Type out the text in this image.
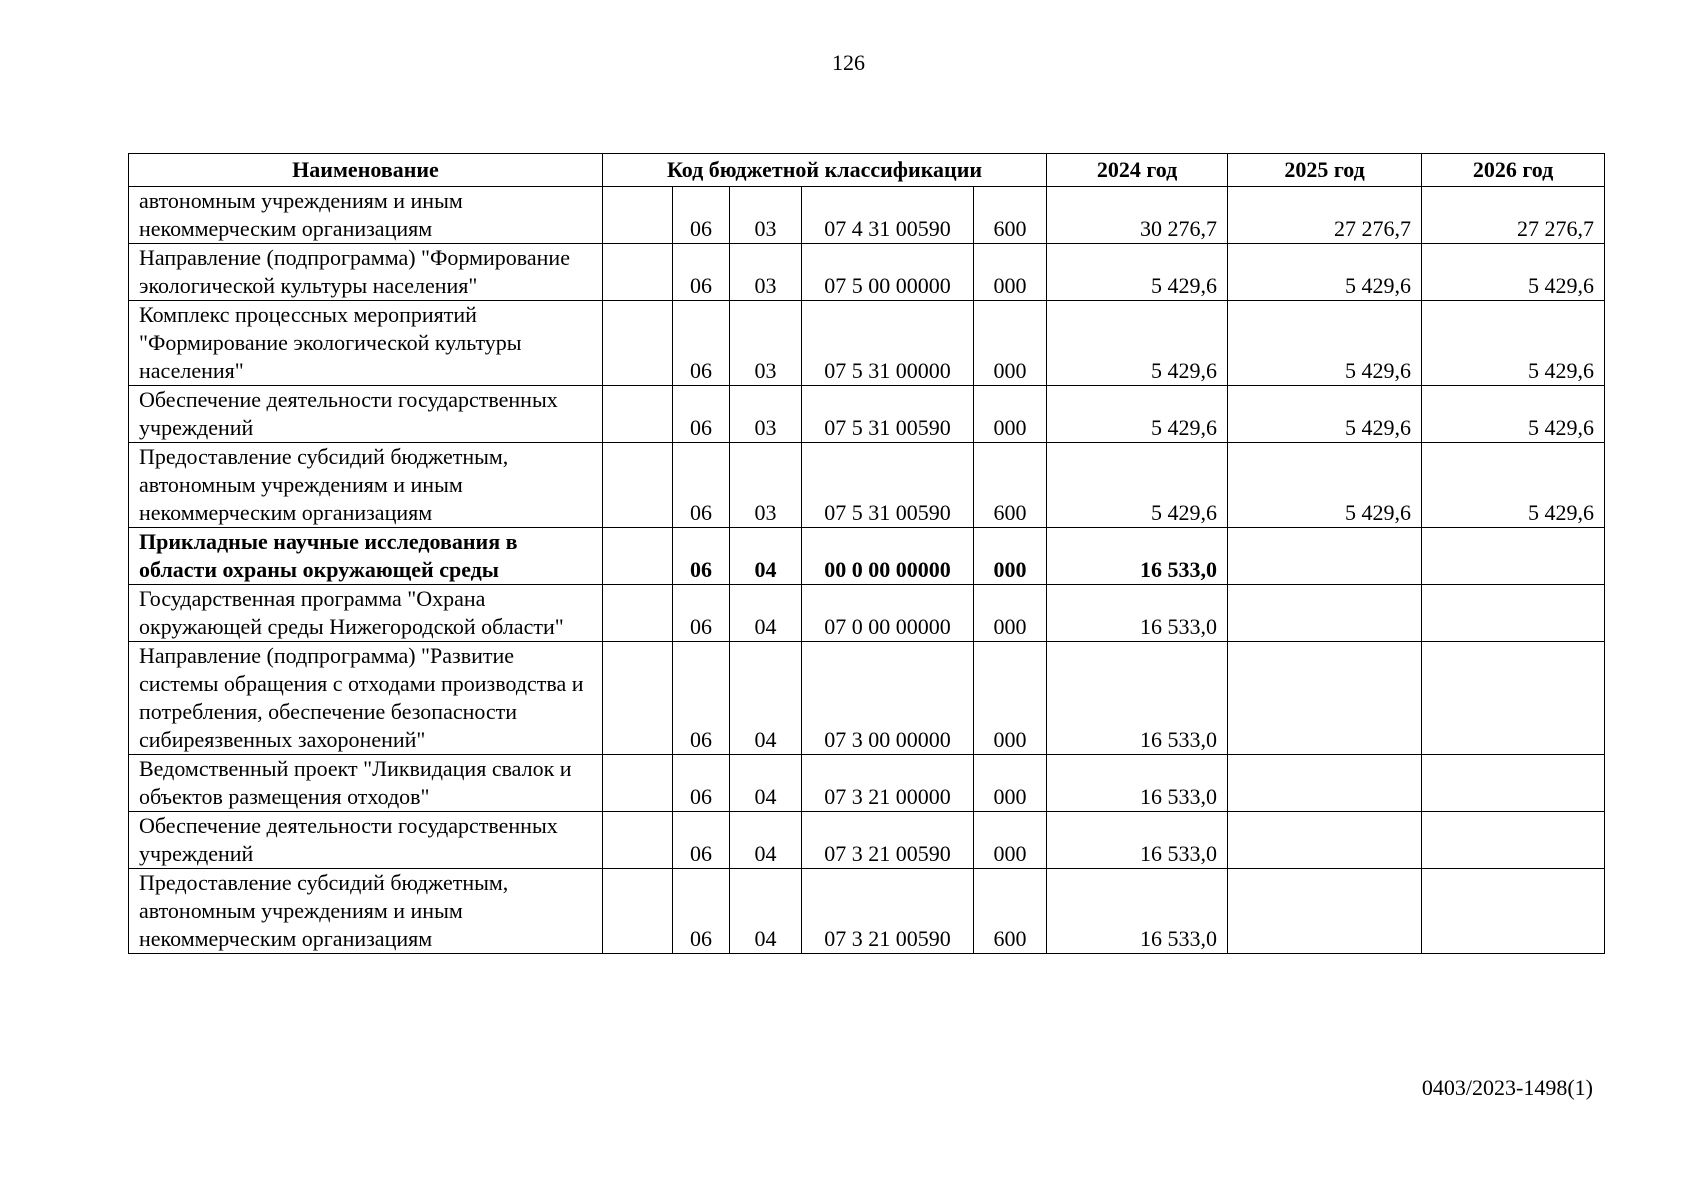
126
Наименование	Код бюджетной классификации					2024 год	2025 год	2026 год
автономным учреждениям и иным некоммерческим организациям		06	03	07 4 31 00590	600	30 276,7	27 276,7	27 276,7
Направление (подпрограмма) "Формирование экологической культуры населения"		06	03	07 5 00 00000	000	5 429,6	5 429,6	5 429,6
Комплекс процессных мероприятий "Формирование экологической культуры населения"		06	03	07 5 31 00000	000	5 429,6	5 429,6	5 429,6
Обеспечение деятельности государственных учреждений		06	03	07 5 31 00590	000	5 429,6	5 429,6	5 429,6
Предоставление субсидий бюджетным, автономным учреждениям и иным некоммерческим организациям		06	03	07 5 31 00590	600	5 429,6	5 429,6	5 429,6
Прикладные научные исследования в области охраны окружающей среды		06	04	00 0 00 00000	000	16 533,0		
Государственная программа "Охрана окружающей среды Нижегородской области"		06	04	07 0 00 00000	000	16 533,0		
Направление (подпрограмма) "Развитие системы обращения с отходами производства и потребления, обеспечение безопасности сибиреязвенных захоронений"		06	04	07 3 00 00000	000	16 533,0		
Ведомственный проект "Ликвидация свалок и объектов размещения отходов"		06	04	07 3 21 00000	000	16 533,0		
Обеспечение деятельности государственных учреждений		06	04	07 3 21 00590	000	16 533,0		
Предоставление субсидий бюджетным, автономным учреждениям и иным некоммерческим организациям		06	04	07 3 21 00590	600	16 533,0		
0403/2023-1498(1)
